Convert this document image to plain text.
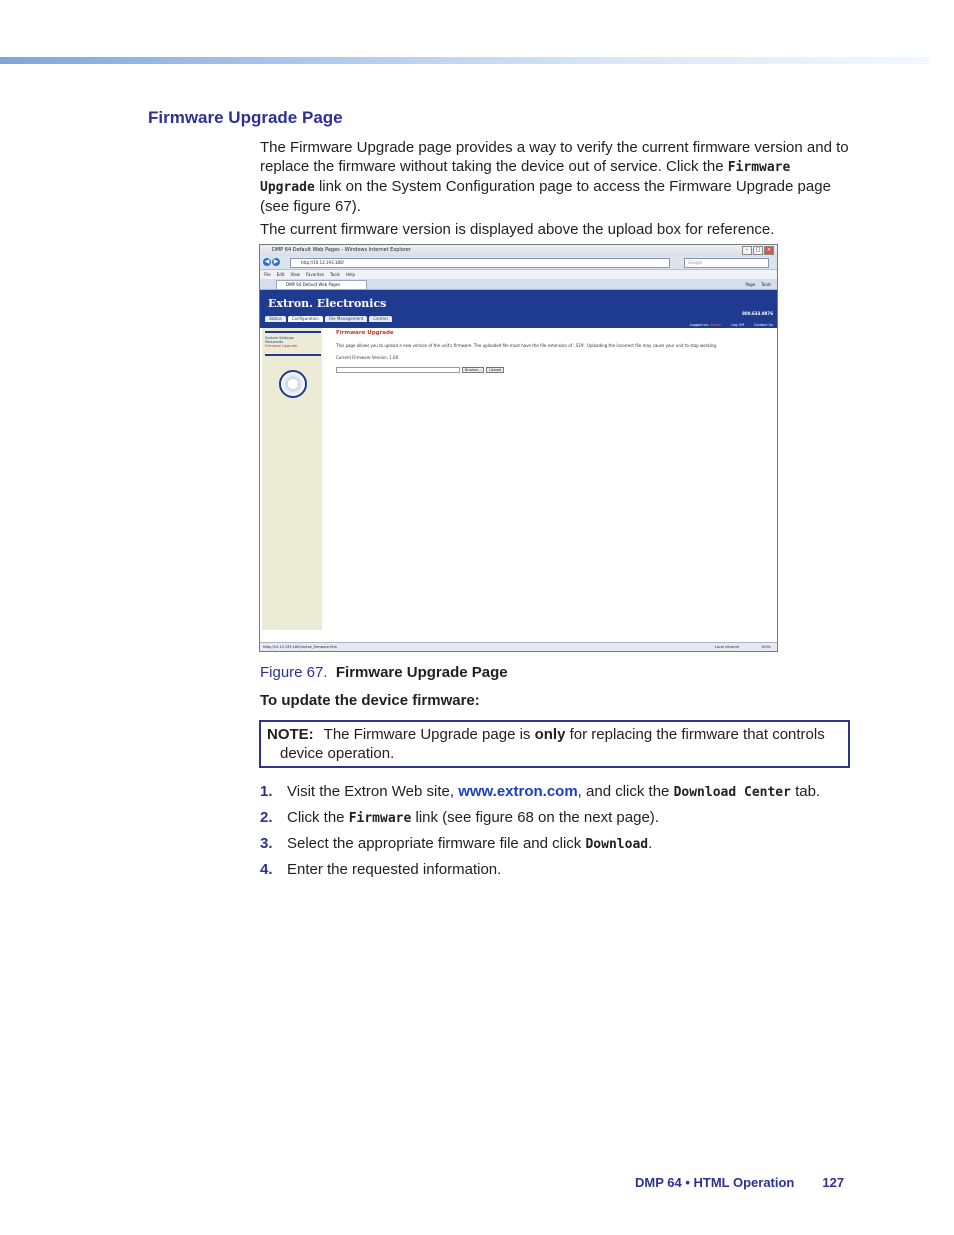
Firmware Upgrade Page

The Firmware Upgrade page provides a way to verify the current firmware version and to replace the firmware without taking the device out of service. Click the Firmware Upgrade link on the System Configuration page to access the Firmware Upgrade page (see figure 67).

The current firmware version is displayed above the upload box for reference.

DMP 64 Default Web Pages - Windows Internet Explorer	–	□	×
◀ ▶	http://10.13.193.180/	Google
File Edit View Favorites Tools Help
DMP 64 Default Web Pages	Page Tools
Extron. Electronics
800.633.9876
Status	Configuration	File Management	Control
Logged on: Admin	Log Off	Contact Us
System Settings
Passwords
Firmware Upgrade
Firmware Upgrade
This page allows you to upload a new version of the unit's firmware. The uploaded file must have the file extension of '.S19'. Uploading the incorrect file may cause your unit to stop working.
Current Firmware Version: 1.00
Browse...	Upload
http://10.13.193.180/nortxe_firmware.htm	Local intranet	100%
Figure 67. Firmware Upgrade Page
To update the device firmware:
NOTE: The Firmware Upgrade page is only for replacing the firmware that controls
device operation.
1. Visit the Extron Web site, www.extron.com, and click the Download Center tab.
2. Click the Firmware link (see figure 68 on the next page).
3. Select the appropriate firmware file and click Download.
4. Enter the requested information.
DMP 64 • HTML Operation 127
